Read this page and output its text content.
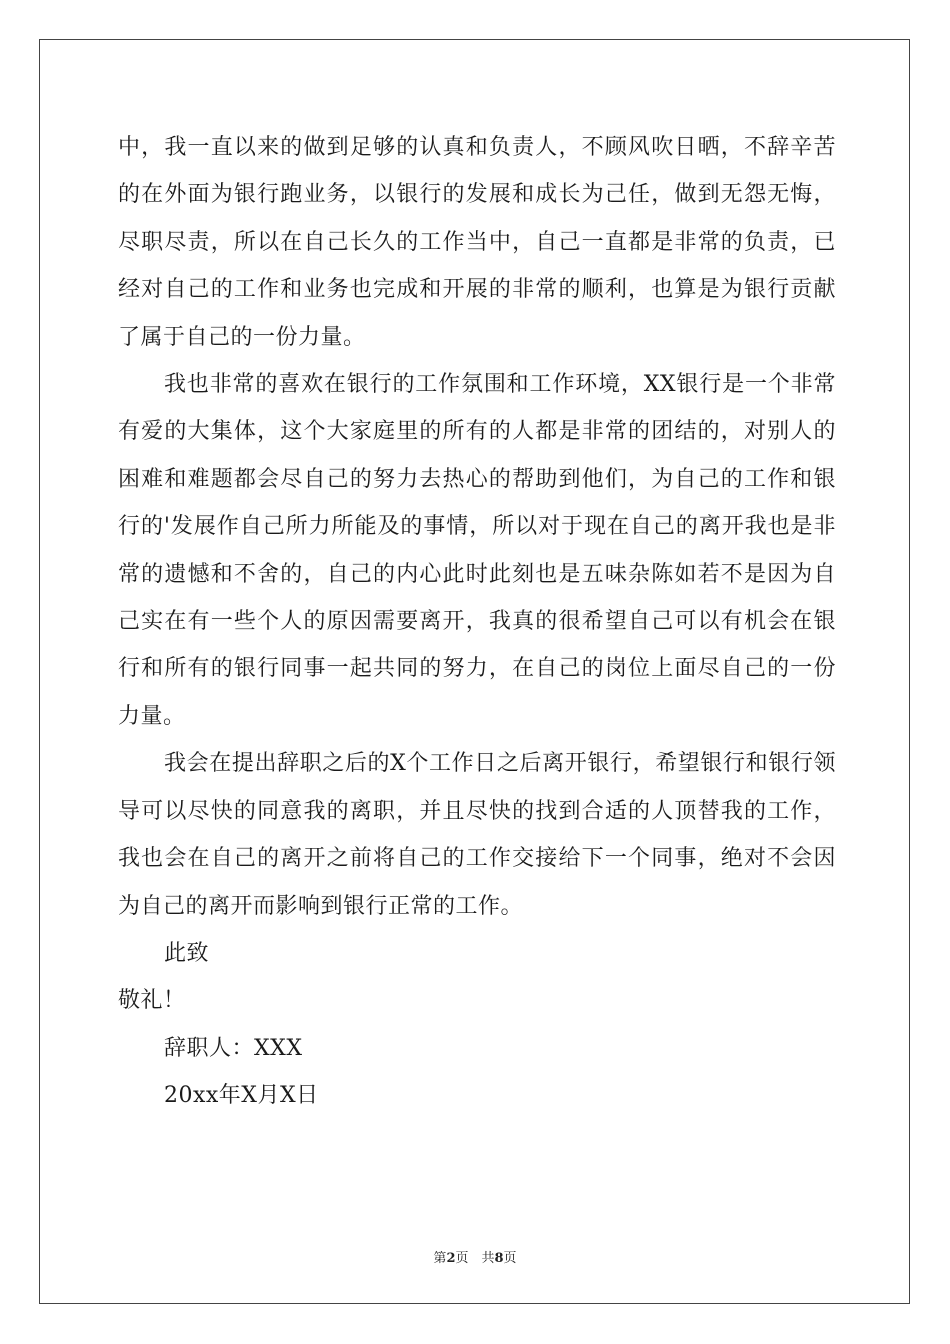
中，我一直以来的做到足够的认真和负责人，不顾风吹日晒，不辞辛苦的在外面为银行跑业务，以银行的发展和成长为己任，做到无怨无悔，尽职尽责，所以在自己长久的工作当中，自己一直都是非常的负责，已经对自己的工作和业务也完成和开展的非常的顺利，也算是为银行贡献了属于自己的一份力量。

我也非常的喜欢在银行的工作氛围和工作环境，XX银行是一个非常有爱的大集体，这个大家庭里的所有的人都是非常的团结的，对别人的困难和难题都会尽自己的努力去热心的帮助到他们，为自己的工作和银行的'发展作自己所力所能及的事情，所以对于现在自己的离开我也是非常的遗憾和不舍的，自己的内心此时此刻也是五味杂陈如若不是因为自己实在有一些个人的原因需要离开，我真的很希望自己可以有机会在银行和所有的银行同事一起共同的努力，在自己的岗位上面尽自己的一份力量。

我会在提出辞职之后的X个工作日之后离开银行，希望银行和银行领导可以尽快的同意我的离职，并且尽快的找到合适的人顶替我的工作，我也会在自己的离开之前将自己的工作交接给下一个同事，绝对不会因为自己的离开而影响到银行正常的工作。

此致

敬礼！

辞职人：XXX

20xx年X月X日

第2页　共8页
